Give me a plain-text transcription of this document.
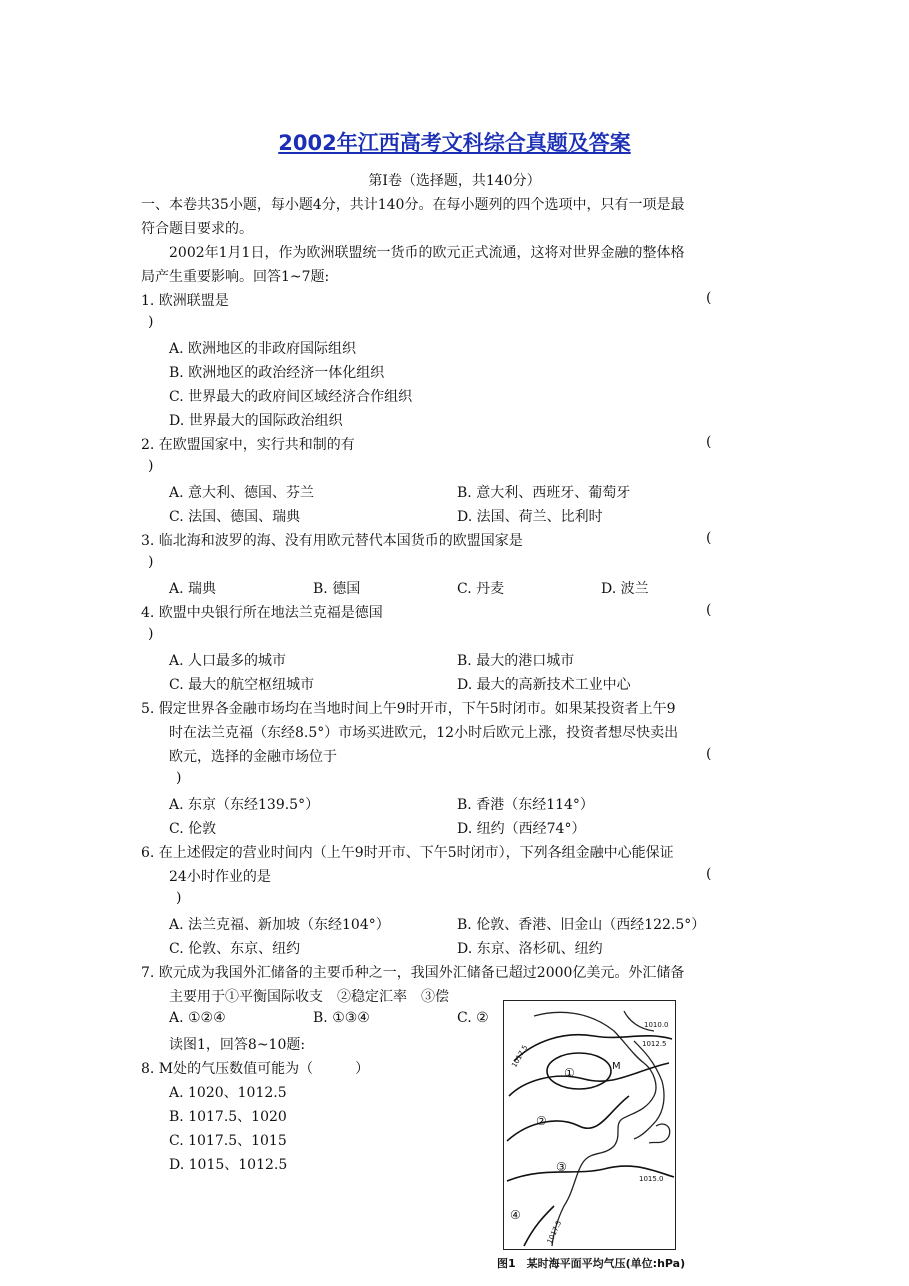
2002年江西高考文科综合真题及答案
第Ⅰ卷（选择题，共140分）
一、本卷共35小题，每小题4分，共计140分。在每小题列的四个选项中，只有一项是最
符合题目要求的。
2002年1月1日，作为欧洲联盟统一货币的欧元正式流通，这将对世界金融的整体格
局产生重要影响。回答1~7题:
1. 欧洲联盟是	(
)
A. 欧洲地区的非政府国际组织
B. 欧洲地区的政治经济一体化组织
C. 世界最大的政府间区域经济合作组织
D. 世界最大的国际政治组织
2. 在欧盟国家中，实行共和制的有	(
)
A. 意大利、德国、芬兰	B. 意大利、西班牙、葡萄牙
C. 法国、德国、瑞典	D. 法国、荷兰、比利时
3. 临北海和波罗的海、没有用欧元替代本国货币的欧盟国家是	(
)
A. 瑞典	B. 德国	C. 丹麦	D. 波兰
4. 欧盟中央银行所在地法兰克福是德国	(
)
A. 人口最多的城市	B. 最大的港口城市
C. 最大的航空枢纽城市	D. 最大的高新技术工业中心
5. 假定世界各金融市场均在当地时间上午9时开市，下午5时闭市。如果某投资者上午9
时在法兰克福（东经8.5°）市场买进欧元，12小时后欧元上涨，投资者想尽快卖出
欧元，选择的金融市场位于	(
)
A. 东京（东经139.5°）	B. 香港（东经114°）
C. 伦敦	D. 纽约（西经74°）
6. 在上述假定的营业时间内（上午9时开市、下午5时闭市），下列各组金融中心能保证
24小时作业的是	(
)
A. 法兰克福、新加坡（东经104°）	B. 伦敦、香港、旧金山（西经122.5°）
C. 伦敦、东京、纽约	D. 东京、洛杉矶、纽约
7. 欧元成为我国外汇储备的主要币种之一，我国外汇储备已超过2000亿美元。外汇储备
主要用于①平衡国际收支　②稳定汇率　③偿
A. ①②④	B. ①③④	C. ②
读图1，回答8~10题:
8. M处的气压数值可能为（　　　）
A. 1020、1012.5
B. 1017.5、1020
C. 1017.5、1015
D. 1015、1012.5
①
②
③
④
M
1010.0
1012.5
1015.0
1017.5
1017.5
图1　某时海平面平均气压(单位:hPa)
